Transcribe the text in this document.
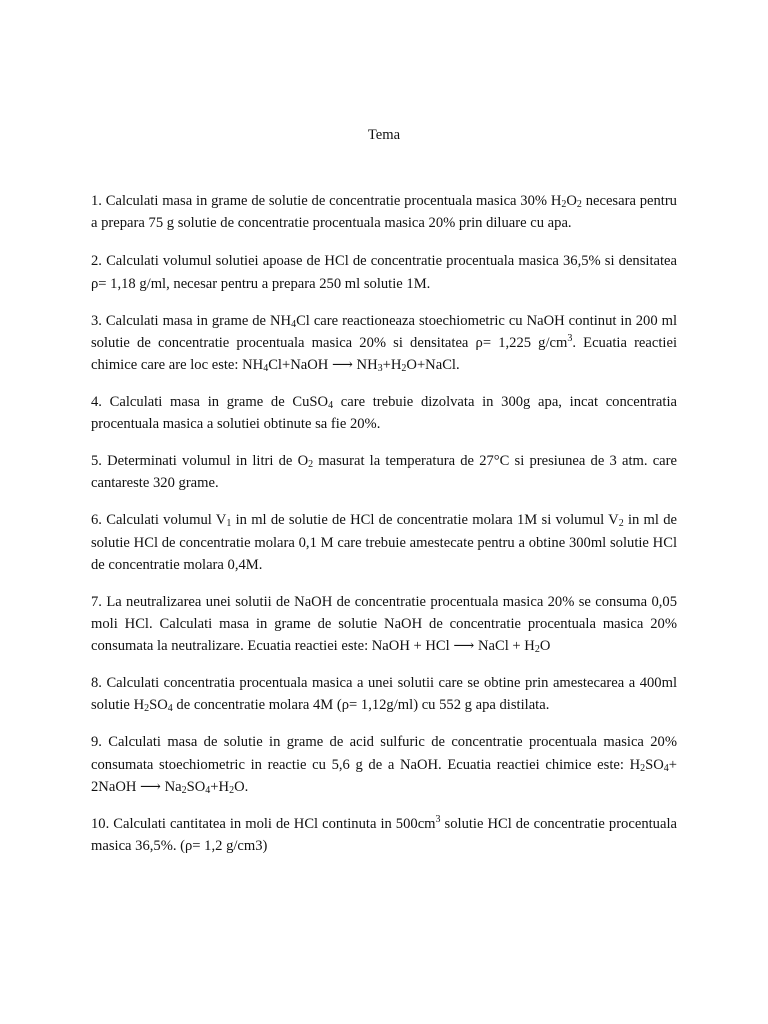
Tema

1. Calculati masa in grame de solutie de concentratie procentuala masica 30% $H_2O_2$ necesara pentru a prepara 75 g solutie de concentratie procentuala masica 20% prin diluare cu apa.

2. Calculati volumul solutiei apoase de HCl de concentratie procentuala masica 36,5% si densitatea ρ= 1,18 g/ml, necesar pentru a prepara 250 ml solutie 1M.

3. Calculati masa in grame de $NH_4Cl$ care reactioneaza stoechiometric cu NaOH continut in 200 ml solutie de concentratie procentuala masica 20% si densitatea ρ= 1,225 $g/cm^3$. Ecuatia reactiei chimice care are loc este: $NH_4Cl+NaOH$ ⟶ $NH_3+H_2O+NaCl$.

4. Calculati masa in grame de CuSO$_4$ care trebuie dizolvata in 300g apa, incat concentratia procentuala masica a solutiei obtinute sa fie 20%.

5. Determinati volumul in litri de $O_2$ masurat la temperatura de 27°C si presiunea de 3 atm. care cantareste 320 grame.

6. Calculati volumul $V_1$ in ml de solutie de HCl de concentratie molara 1M si volumul $V_2$ in ml de solutie HCl de concentratie molara 0,1 M care trebuie amestecate pentru a obtine 300ml solutie HCl de concentratie molara 0,4M.

7. La neutralizarea unei solutii de NaOH de concentratie procentuala masica 20% se consuma 0,05 moli HCl. Calculati masa in grame de solutie NaOH de concentratie procentuala masica 20% consumata la neutralizare. Ecuatia reactiei este: NaOH + HCl ⟶ NaCl + $H_2O$

8. Calculati concentratia procentuala masica a unei solutii care se obtine prin amestecarea a 400ml solutie $H_2SO_4$ de concentratie molara 4M (ρ= 1,12g/ml) cu 552 g apa distilata.

9. Calculati masa de solutie in grame de acid sulfuric de concentratie procentuala masica 20% consumata stoechiometric in reactie cu 5,6 g de a NaOH. Ecuatia reactiei chimice este: $H_2SO_4+$ 2NaOH ⟶ $Na_2SO_4+H_2O$.

10. Calculati cantitatea in moli de HCl continuta in $500cm^3$ solutie HCl de concentratie procentuala masica 36,5%. (ρ= 1,2 g/cm3)
